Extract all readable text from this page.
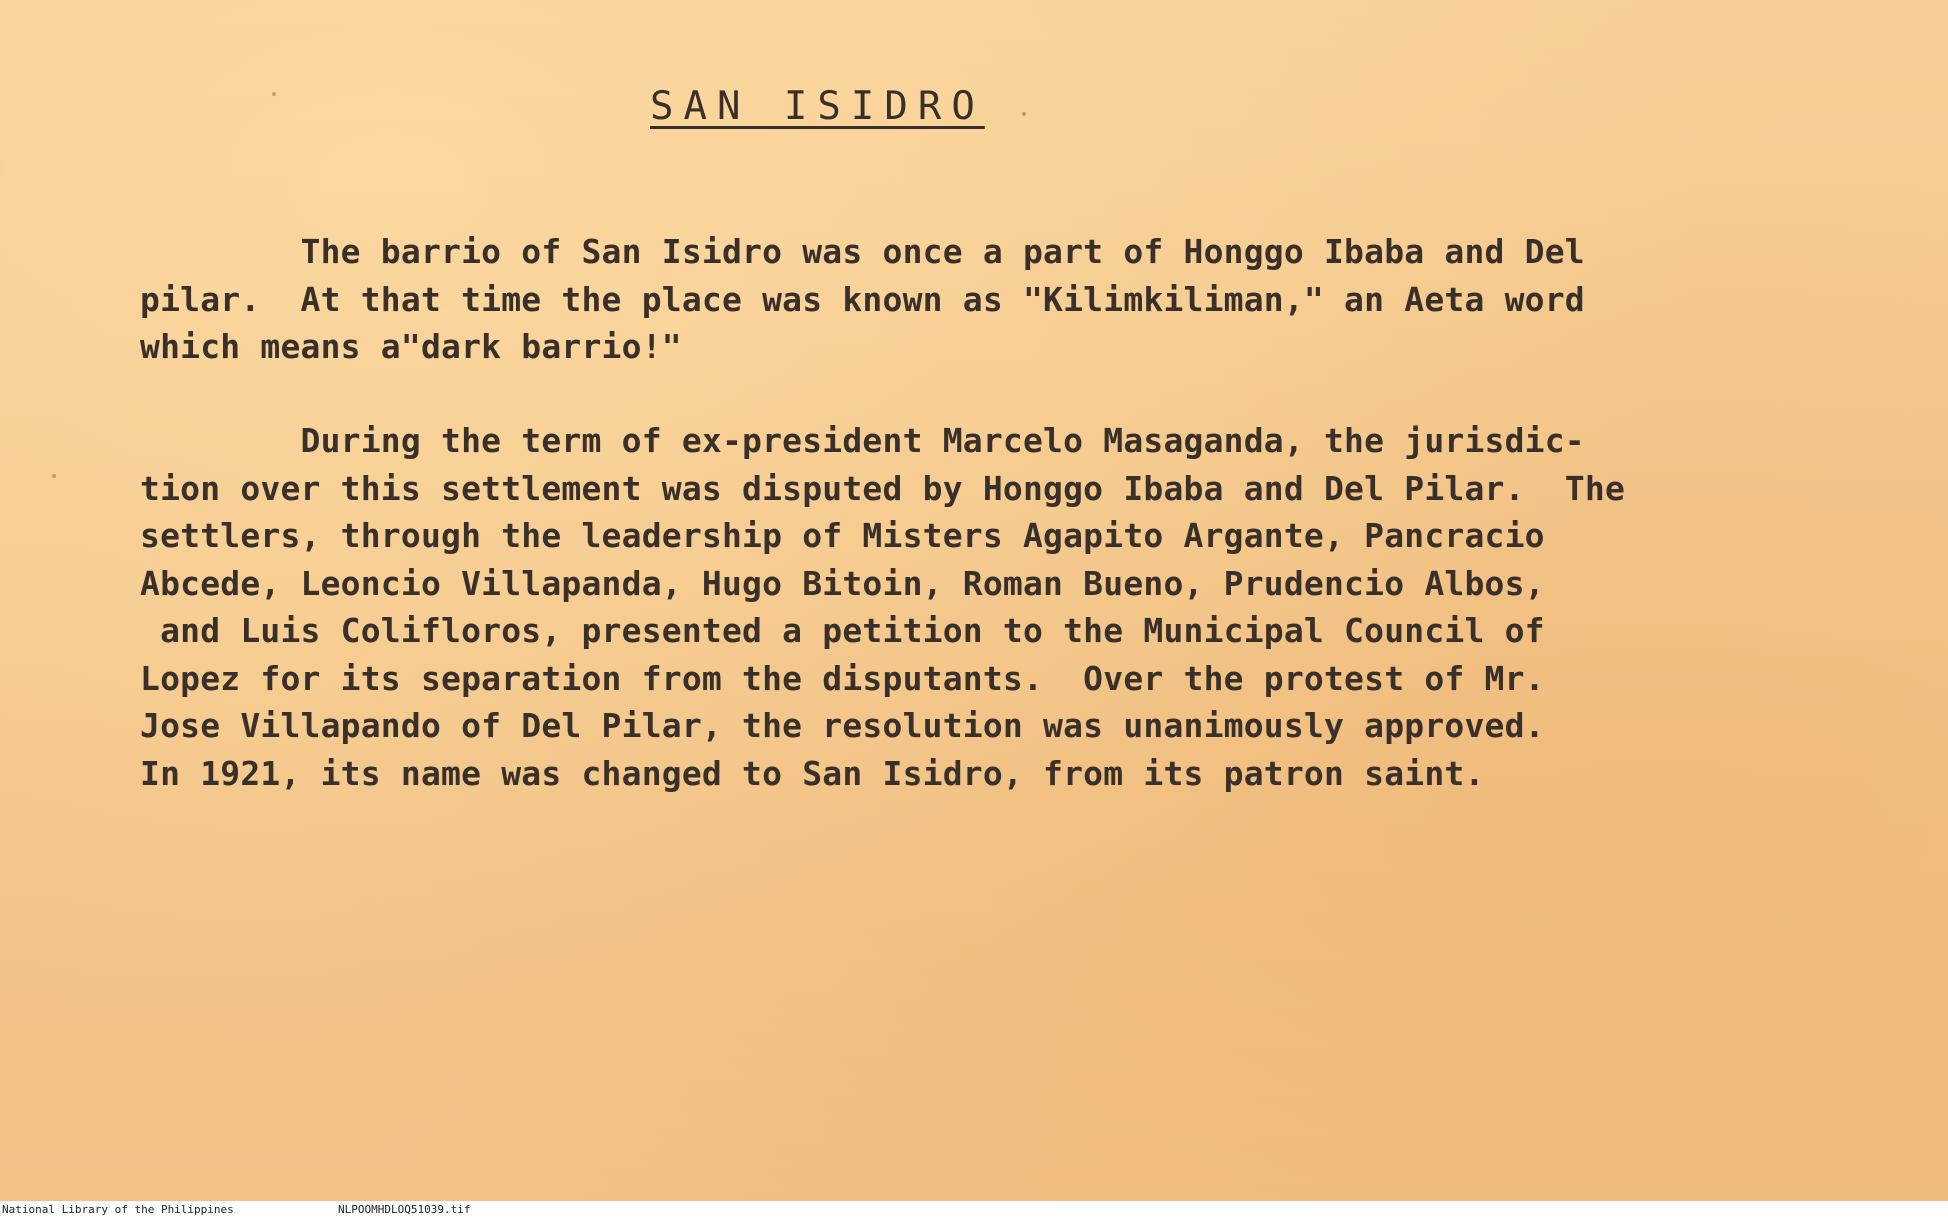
SAN ISIDRO

The barrio of San Isidro was once a part of Honggo Ibaba and Del
pilar.  At that time the place was known as "Kilimkiliman," an Aeta word
which means a"dark barrio!"

During the term of ex-president Marcelo Masaganda, the jurisdic-
tion over this settlement was disputed by Honggo Ibaba and Del Pilar.  The
settlers, through the leadership of Misters Agapito Argante, Pancracio
Abcede, Leoncio Villapanda, Hugo Bitoin, Roman Bueno, Prudencio Albos,
and Luis Colifloros, presented a petition to the Municipal Council of
Lopez for its separation from the disputants.  Over the protest of Mr.
Jose Villapando of Del Pilar, the resolution was unanimously approved.
In 1921, its name was changed to San Isidro, from its patron saint.

National Library of the Philippines	NLPOOMHDLOQ51039.tif
